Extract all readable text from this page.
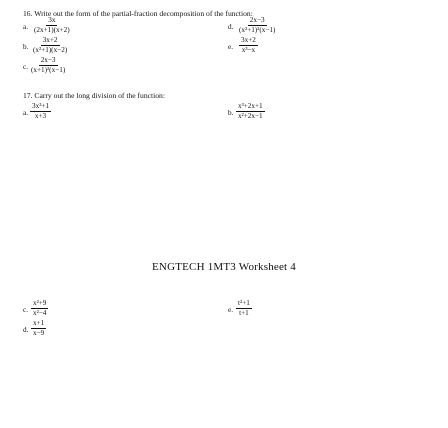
16. Write out the form of the partial-fraction decomposition of the function:
a. $\frac{3x}{(2x+1)(x+2)}$
b. $\frac{3x+2}{\text{(x²+1)(x−2)}}$
c. $\frac{2x-3}{\text{(x+1)²(x−1)}}$
d. $\frac{2x-3}{\text{(x²+1)²(x−1)}}$
e. $\frac{3x+2}{\text{x³−x}}$
17. Carry out the long division of the function:
a. $\frac{\text{3x³+1}}{x+3}$	b. $\frac{\text{x³+2x+1}}{\text{x²+2x−1}}$
ENGTECH 1MT3 Worksheet 4
c. $\frac{\text{x²+9}}{\text{x²−4}}$
d. $\frac{x+1}{x-9}$
e. $\frac{\text{t²+1}}{t+1}$
